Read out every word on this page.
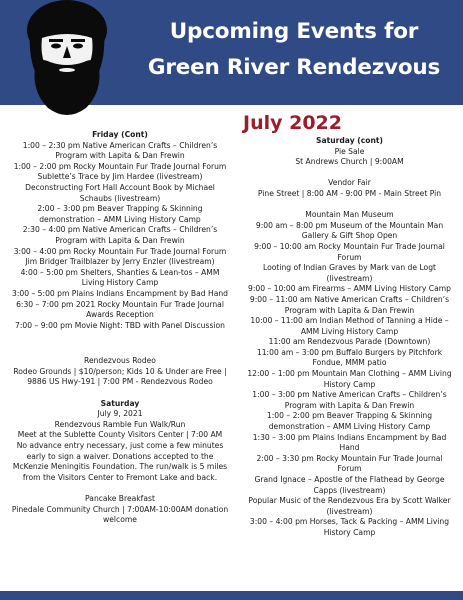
Upcoming Events for
Green River Rendezvous
July 2022

Friday (Cont)

1:00 – 2:30 pm Native American Crafts – Children’s

Program with Lapita & Dan Frewin

1:00 – 2:00 pm Rocky Mountain Fur Trade Journal Forum

Sublette’s Trace by Jim Hardee (livestream)

Deconstructing Fort Hall Account Book by Michael

Schaubs (livestream)

2:00 – 3:00 pm Beaver Trapping & Skinning

demonstration – AMM Living History Camp

2:30 – 4:00 pm Native American Crafts – Children’s

Program with Lapita & Dan Frewin

3:00 – 4:00 pm Rocky Mountain Fur Trade Journal Forum

Jim Bridger Trailblazer by Jerry Enzler (livestream)

4:00 – 5:00 pm Shelters, Shanties & Lean-tos – AMM

Living History Camp

3:00 – 5:00 pm Plains Indians Encampment by Bad Hand

6:30 – 7:00 pm 2021 Rocky Mountain Fur Trade Journal

Awards Reception

7:00 – 9:00 pm Movie Night: TBD with Panel Discussion

Rendezvous Rodeo

Rodeo Grounds | $10/person; Kids 10 & Under are Free |

9886 US Hwy-191 | 7:00 PM - Rendezvous Rodeo

Saturday

July 9, 2021

Rendezvous Ramble Fun Walk/Run

Meet at the Sublette County Visitors Center | 7:00 AM

No advance entry necessary, just come a few minutes

early to sign a waiver. Donations accepted to the

McKenzie Meningitis Foundation. The run/walk is 5 miles

from the Visitors Center to Fremont Lake and back.

Pancake Breakfast

Pinedale Community Church | 7:00AM-10:00AM donation

welcome

Saturday (cont)

Pie Sale

St Andrews Church | 9:00AM

Vendor Fair

Pine Street | 8:00 AM - 9:00 PM - Main Street Pin

Mountain Man Museum

9:00 am – 8:00 pm Museum of the Mountain Man

Gallery & Gift Shop Open

9:00 – 10:00 am Rocky Mountain Fur Trade Journal

Forum

Looting of Indian Graves by Mark van de Logt

(livestream)

9:00 – 10:00 am Firearms – AMM Living History Camp

9:00 – 11:00 am Native American Crafts – Children’s

Program with Lapita & Dan Frewin

10:00 – 11:00 am Indian Method of Tanning a Hide –

AMM Living History Camp

11:00 am Rendezvous Parade (Downtown)

11:00 am – 3:00 pm Buffalo Burgers by Pitchfork

Fondue, MMM patio

12:00 – 1:00 pm Mountain Man Clothing – AMM Living

History Camp

1:00 – 3:00 pm Native American Crafts – Children’s

Program with Lapita & Dan Frewin

1:00 – 2:00 pm Beaver Trapping & Skinning

demonstration – AMM Living History Camp

1:30 – 3:00 pm Plains Indians Encampment by Bad

Hand

2:00 – 3:30 pm Rocky Mountain Fur Trade Journal

Forum

Grand Ignace – Apostle of the Flathead by George

Capps (livestream)

Popular Music of the Rendezvous Era by Scott Walker

(livestream)

3:00 – 4:00 pm Horses, Tack & Packing – AMM Living

History Camp
